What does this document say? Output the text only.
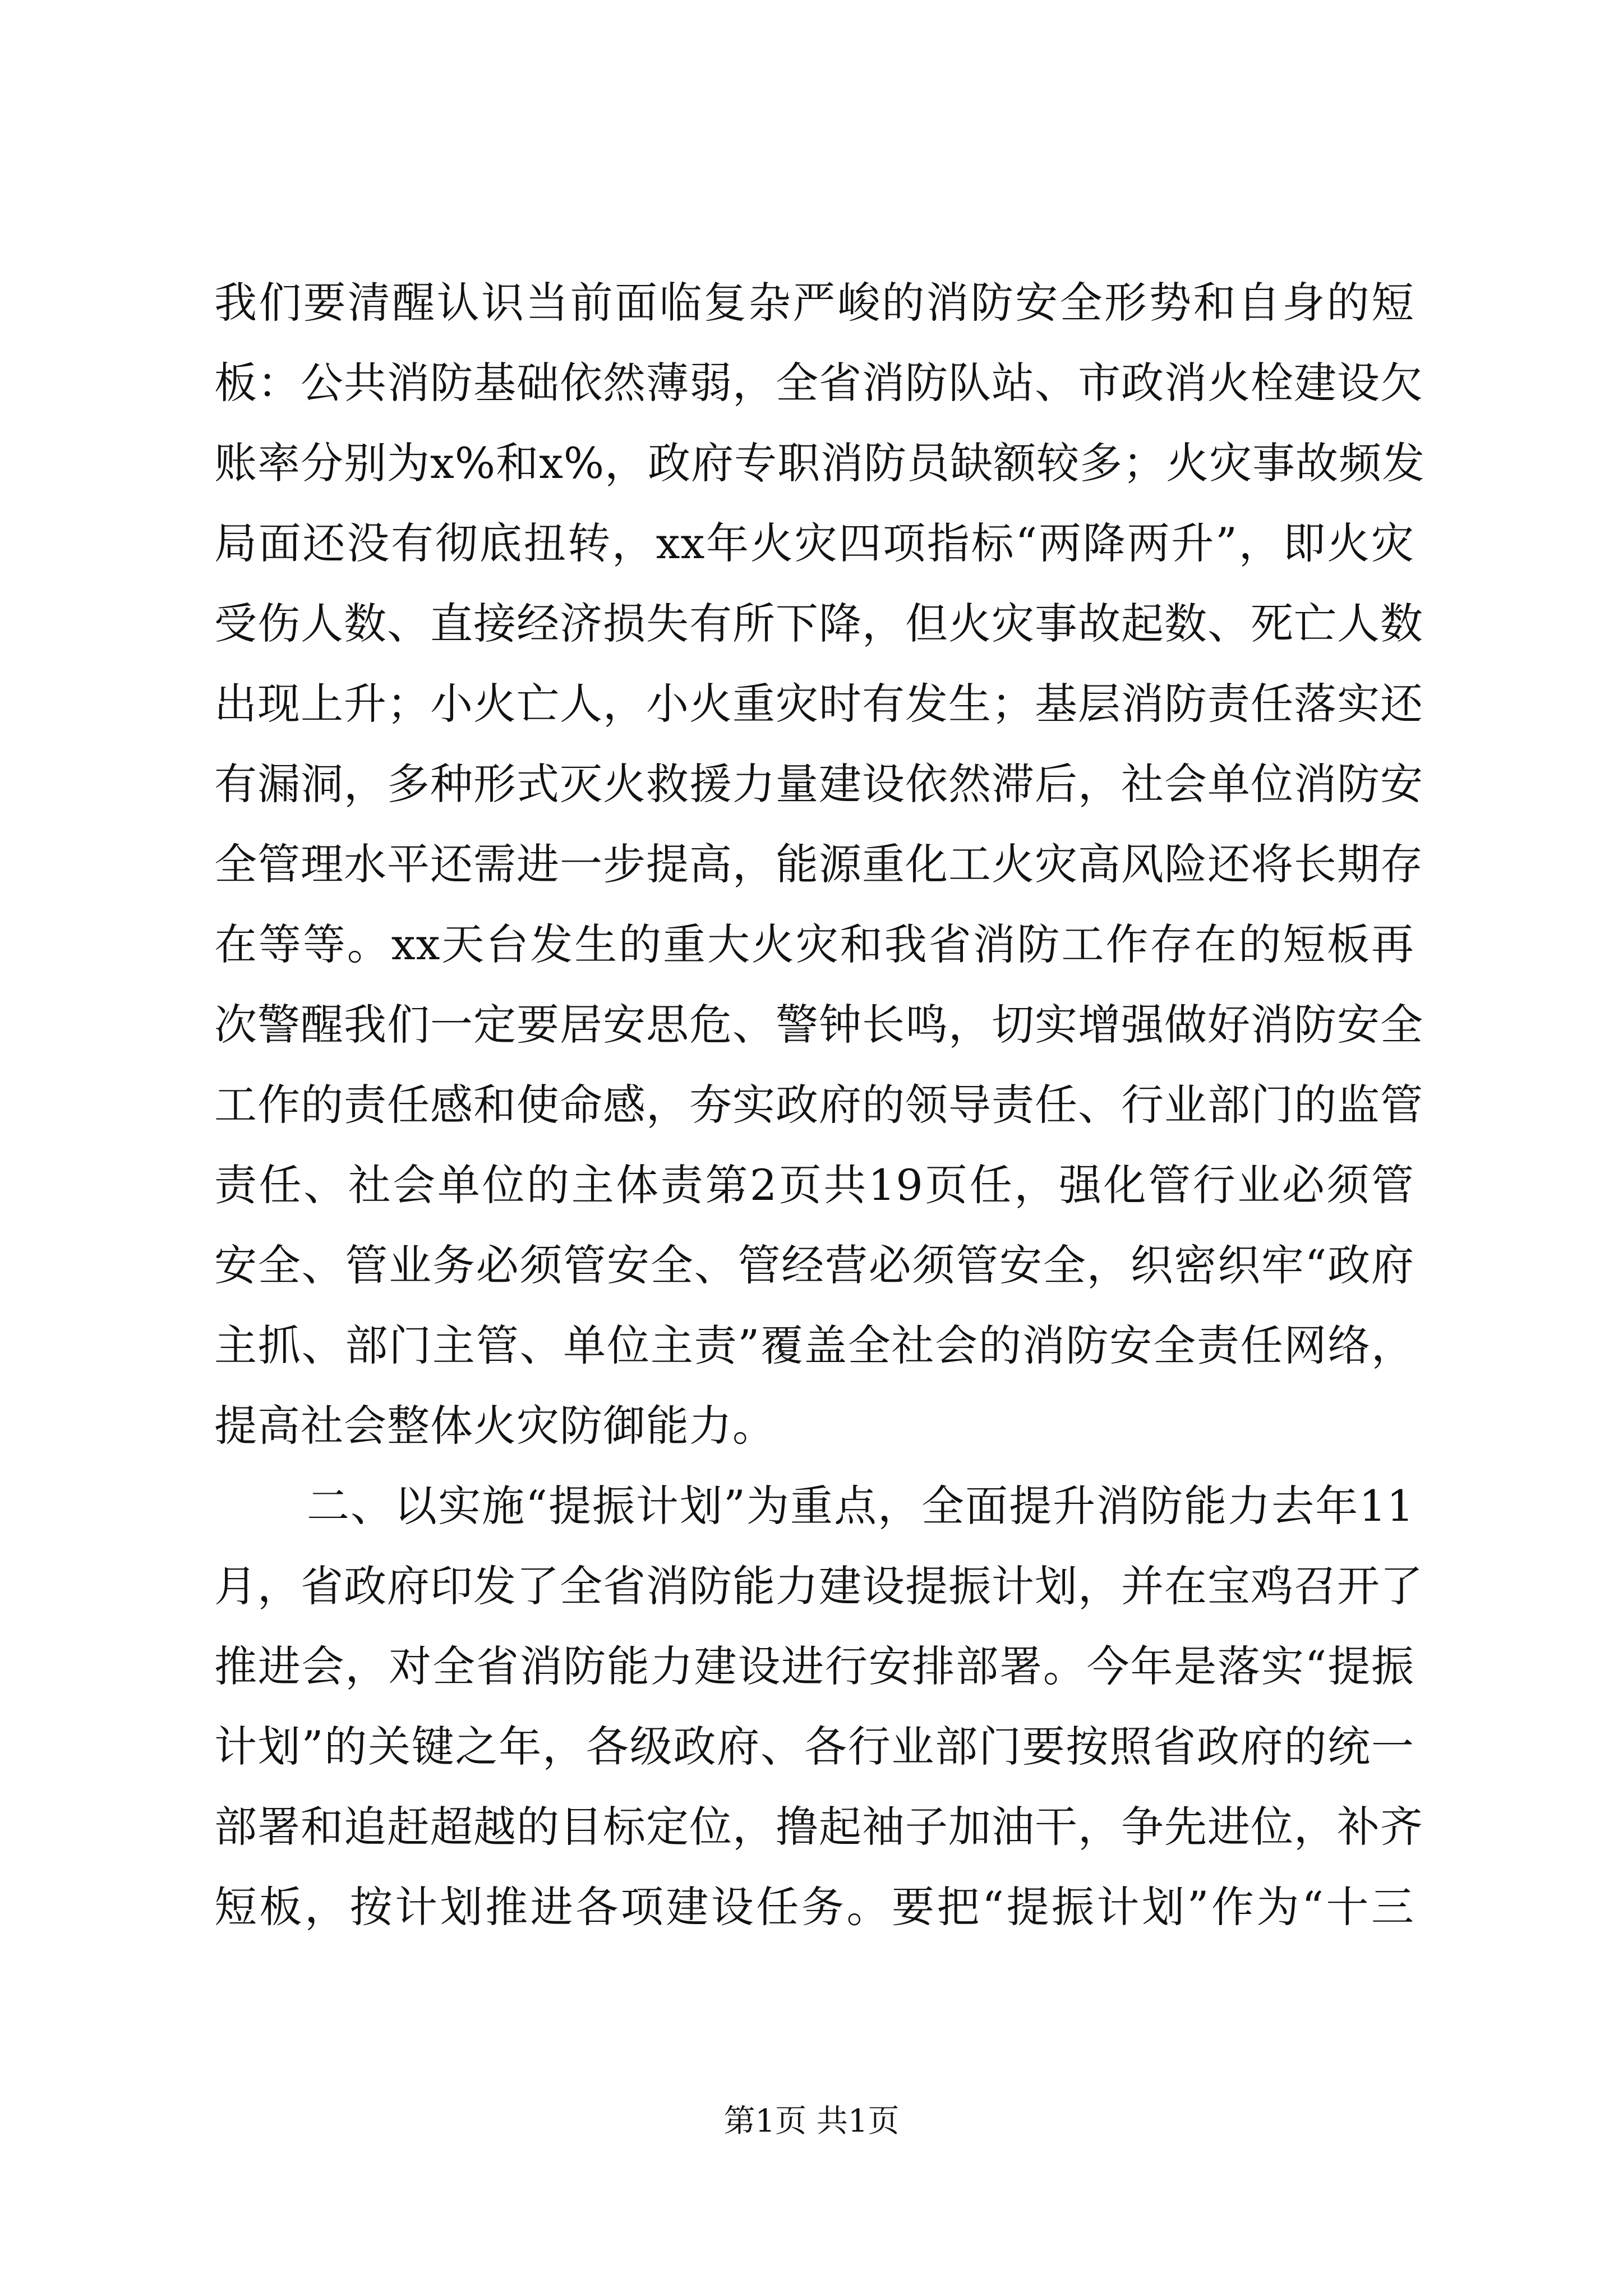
我们要清醒认识当前面临复杂严峻的消防安全形势和自身的短
板：公共消防基础依然薄弱，全省消防队站、市政消火栓建设欠
账率分别为x%和x%，政府专职消防员缺额较多；火灾事故频发
局面还没有彻底扭转，xx年火灾四项指标“两降两升”，即火灾
受伤人数、直接经济损失有所下降，但火灾事故起数、死亡人数
出现上升；小火亡人，小火重灾时有发生；基层消防责任落实还
有漏洞，多种形式灭火救援力量建设依然滞后，社会单位消防安
全管理水平还需进一步提高，能源重化工火灾高风险还将长期存
在等等。xx天台发生的重大火灾和我省消防工作存在的短板再
次警醒我们一定要居安思危、警钟长鸣，切实增强做好消防安全
工作的责任感和使命感，夯实政府的领导责任、行业部门的监管
责任、社会单位的主体责第2页共19页任，强化管行业必须管
安全、管业务必须管安全、管经营必须管安全，织密织牢“政府
主抓、部门主管、单位主责”覆盖全社会的消防安全责任网络，
提高社会整体火灾防御能力。
二、以实施“提振计划”为重点，全面提升消防能力去年11
月，省政府印发了全省消防能力建设提振计划，并在宝鸡召开了
推进会，对全省消防能力建设进行安排部署。今年是落实“提振
计划”的关键之年，各级政府、各行业部门要按照省政府的统一
部署和追赶超越的目标定位，撸起袖子加油干，争先进位，补齐
短板，按计划推进各项建设任务。要把“提振计划”作为“十三
第1页 共1页
